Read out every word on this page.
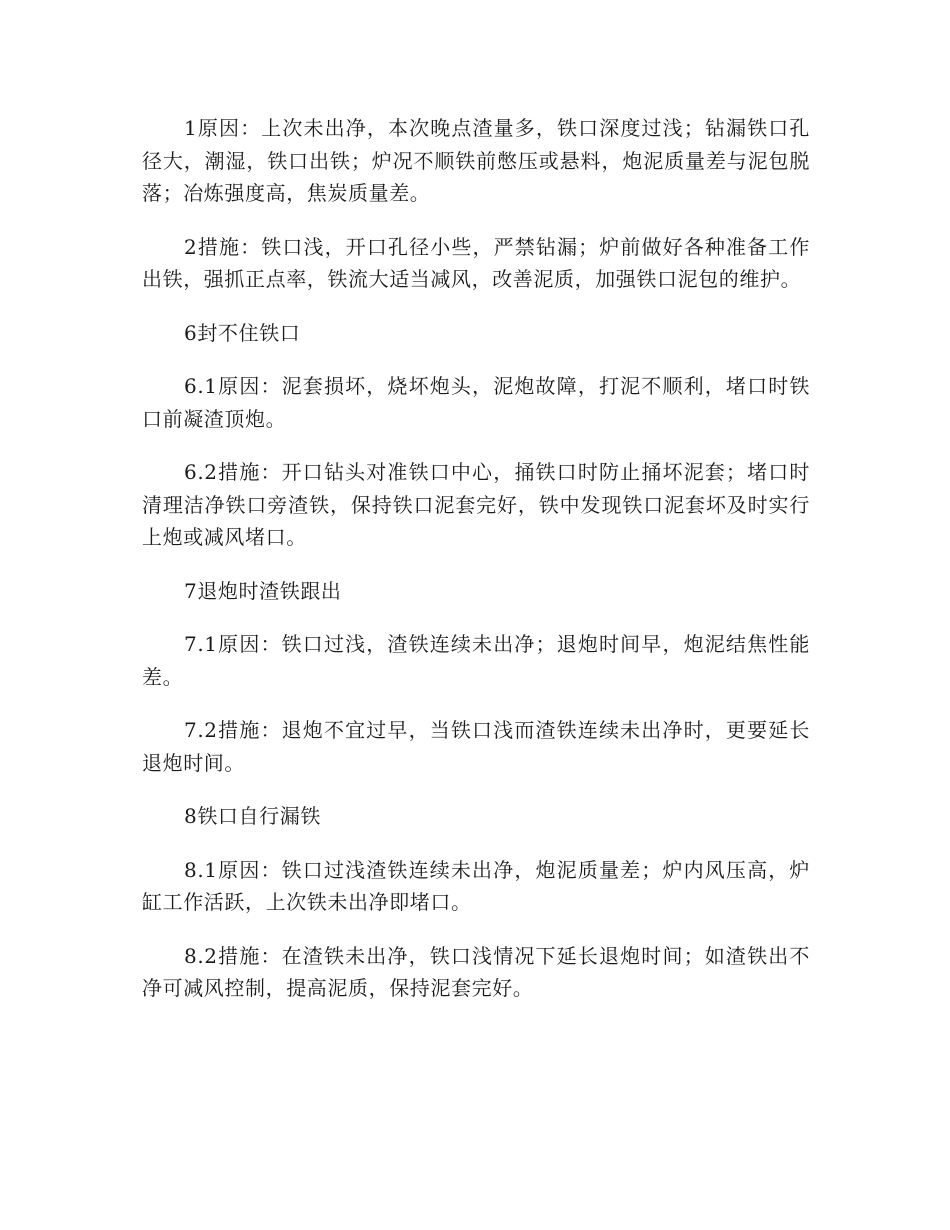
1原因：上次未出净，本次晚点渣量多，铁口深度过浅；钻漏铁口孔径大，潮湿，铁口出铁；炉况不顺铁前憋压或悬料，炮泥质量差与泥包脱落；冶炼强度高，焦炭质量差。

2措施：铁口浅，开口孔径小些，严禁钻漏；炉前做好各种准备工作出铁，强抓正点率，铁流大适当减风，改善泥质，加强铁口泥包的维护。

6封不住铁口

6.1原因：泥套损坏，烧坏炮头，泥炮故障，打泥不顺利，堵口时铁口前凝渣顶炮。

6.2措施：开口钻头对准铁口中心，捅铁口时防止捅坏泥套；堵口时清理洁净铁口旁渣铁，保持铁口泥套完好，铁中发现铁口泥套坏及时实行上炮或减风堵口。

7退炮时渣铁跟出

7.1原因：铁口过浅，渣铁连续未出净；退炮时间早，炮泥结焦性能差。

7.2措施：退炮不宜过早，当铁口浅而渣铁连续未出净时，更要延长退炮时间。

8铁口自行漏铁

8.1原因：铁口过浅渣铁连续未出净，炮泥质量差；炉内风压高，炉缸工作活跃，上次铁未出净即堵口。

8.2措施：在渣铁未出净，铁口浅情况下延长退炮时间；如渣铁出不净可减风控制，提高泥质，保持泥套完好。
